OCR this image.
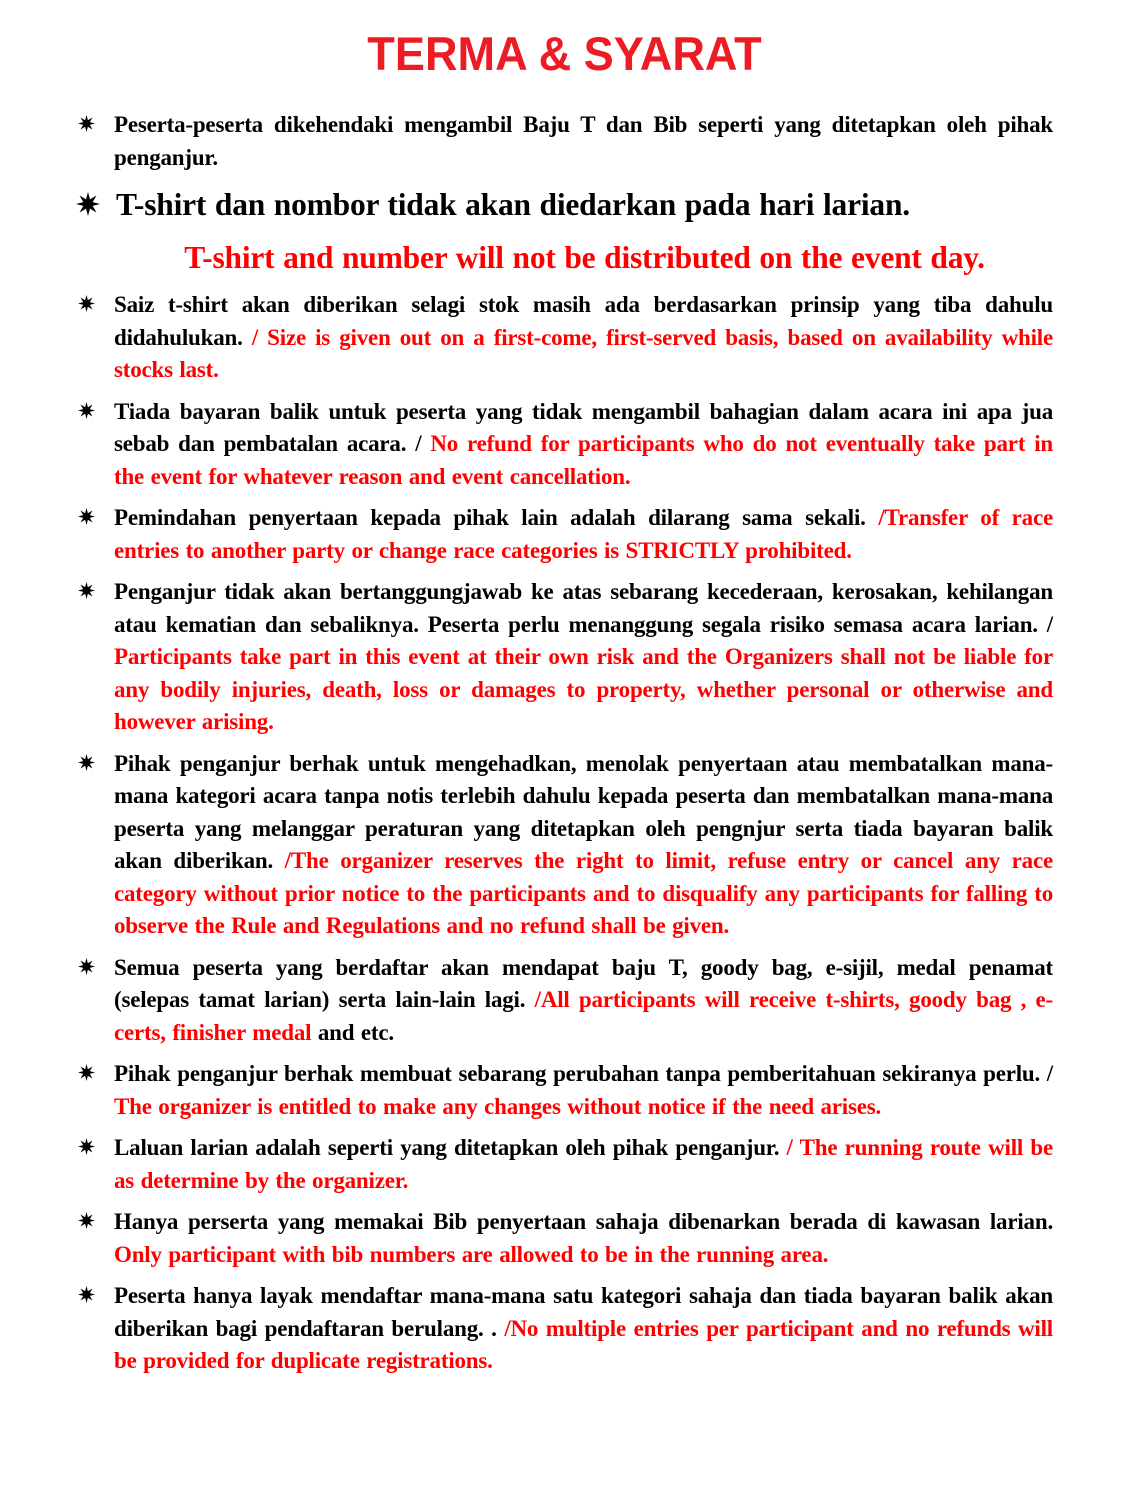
TERMA & SYARAT
Peserta-peserta dikehendaki mengambil Baju T dan Bib seperti yang ditetapkan oleh pihak penganjur.
T-shirt dan nombor tidak akan diedarkan pada hari larian.
T-shirt and number will not be distributed on the event day.
Saiz t-shirt akan diberikan selagi stok masih ada berdasarkan prinsip yang tiba dahulu didahulukan. / Size is given out on a first-come, first-served basis, based on availability while stocks last.
Tiada bayaran balik untuk peserta yang tidak mengambil bahagian dalam acara ini apa jua sebab dan pembatalan acara. / No refund for participants who do not eventually take part in the event for whatever reason and event cancellation.
Pemindahan penyertaan kepada pihak lain adalah dilarang sama sekali. /Transfer of race entries to another party or change race categories is STRICTLY prohibited.
Penganjur tidak akan bertanggungjawab ke atas sebarang kecederaan, kerosakan, kehilangan atau kematian dan sebaliknya. Peserta perlu menanggung segala risiko semasa acara larian. / Participants take part in this event at their own risk and the Organizers shall not be liable for any bodily injuries, death, loss or damages to property, whether personal or otherwise and however arising.
Pihak penganjur berhak untuk mengehadkan, menolak penyertaan atau membatalkan mana-mana kategori acara tanpa notis terlebih dahulu kepada peserta dan membatalkan mana-mana peserta yang melanggar peraturan yang ditetapkan oleh pengnjur serta tiada bayaran balik akan diberikan. /The organizer reserves the right to limit, refuse entry or cancel any race category without prior notice to the participants and to disqualify any participants for falling to observe the Rule and Regulations and no refund shall be given.
Semua peserta yang berdaftar akan mendapat baju T, goody bag, e-sijil, medal penamat (selepas tamat larian) serta lain-lain lagi. /All participants will receive t-shirts, goody bag , e-certs, finisher medal and etc.
Pihak penganjur berhak membuat sebarang perubahan tanpa pemberitahuan sekiranya perlu. / The organizer is entitled to make any changes without notice if the need arises.
Laluan larian adalah seperti yang ditetapkan oleh pihak penganjur. / The running route will be as determine by the organizer.
Hanya perserta yang memakai Bib penyertaan sahaja dibenarkan berada di kawasan larian. Only participant with bib numbers are allowed to be in the running area.
Peserta hanya layak mendaftar mana-mana satu kategori sahaja dan tiada bayaran balik akan diberikan bagi pendaftaran berulang. . /No multiple entries per participant and no refunds will be provided for duplicate registrations.
